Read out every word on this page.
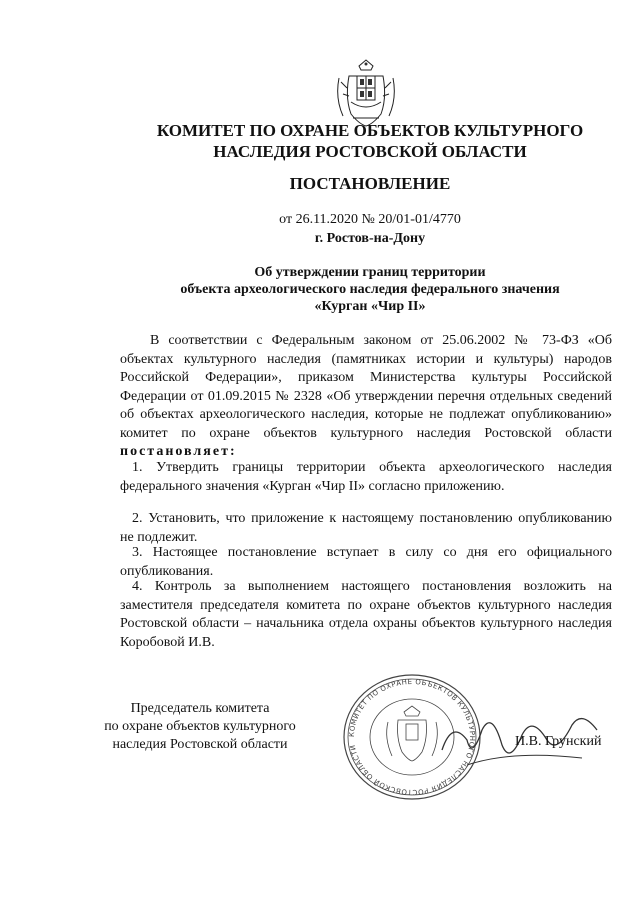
КОМИТЕТ ПО ОХРАНЕ ОБЪЕКТОВ КУЛЬТУРНОГО
НАСЛЕДИЯ РОСТОВСКОЙ ОБЛАСТИ
ПОСТАНОВЛЕНИЕ
от 26.11.2020 № 20/01-01/4770
г. Ростов-на-Дону
Об утверждении границ территории
объекта археологического наследия федерального значения
«Курган «Чир II»
В соответствии с Федеральным законом от 25.06.2002 № 73-ФЗ «Об объектах культурного наследия (памятниках истории и культуры) народов Российской Федерации», приказом Министерства культуры Российской Федерации от 01.09.2015 № 2328 «Об утверждении перечня отдельных сведений об объектах археологического наследия, которые не подлежат опубликованию» комитет по охране объектов культурного наследия Ростовской области постановляет:
1. Утвердить границы территории объекта археологического наследия федерального значения «Курган «Чир II» согласно приложению.
2. Установить, что приложение к настоящему постановлению опубликованию не подлежит.
3. Настоящее постановление вступает в силу со дня его официального опубликования.
4. Контроль за выполнением настоящего постановления возложить на заместителя председателя комитета по охране объектов культурного наследия Ростовской области – начальника отдела охраны объектов культурного наследия Коробовой И.В.
Председатель комитета
по охране объектов культурного
наследия Ростовской области
КОМИТЕТ ПО ОХРАНЕ ОБЪЕКТОВ КУЛЬТУРНОГО НАСЛЕДИЯ РОСТОВСКОЙ ОБЛАСТИ	И.В. Грунский
